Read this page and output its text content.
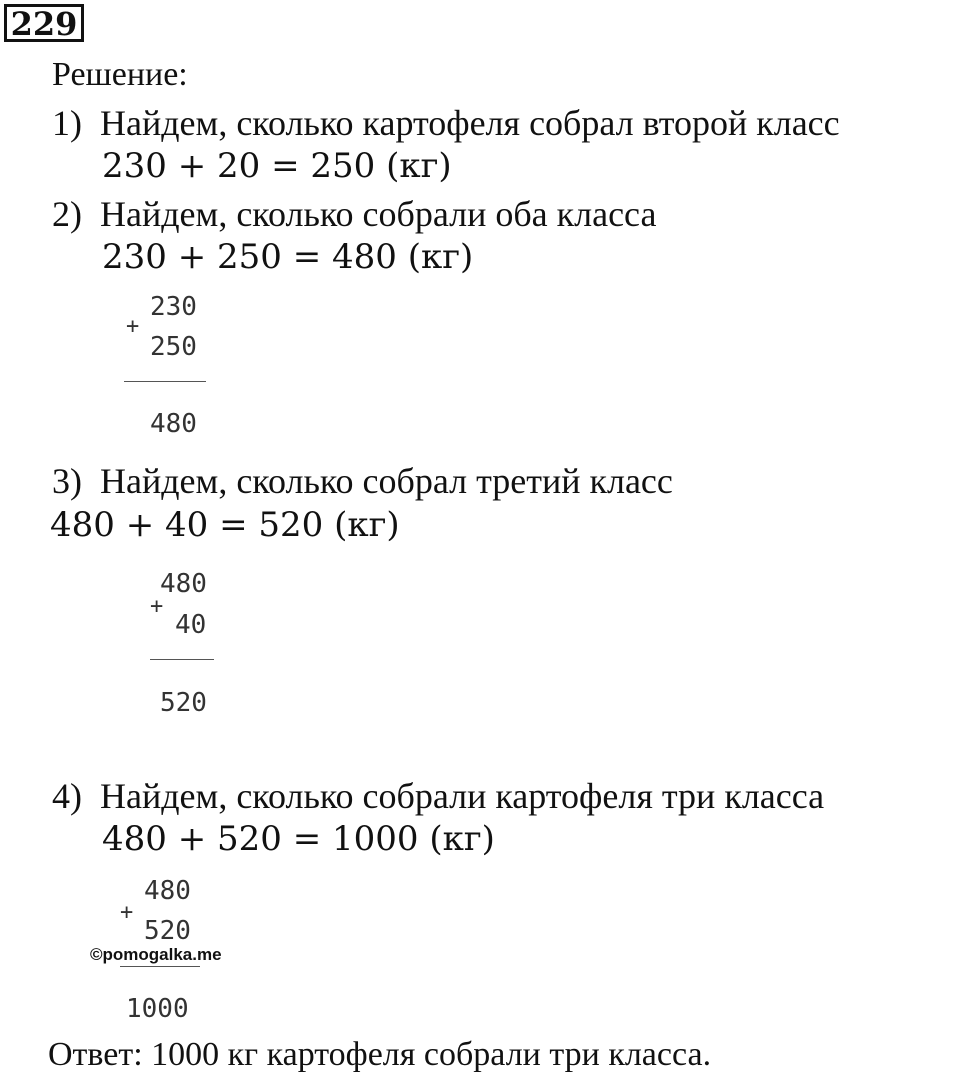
229
Решение:
1) Найдем, сколько картофеля собрал второй класс
230 + 20 = 250 (кг)
2) Найдем, сколько собрали оба класса
230 + 250 = 480 (кг)
230
+
250
480
3) Найдем, сколько собрал третий класс
480 + 40 = 520 (кг)
480
+
40
520
4) Найдем, сколько собрали картофеля три класса
480 + 520 = 1000 (кг)
480
+
520
1000
©pomogalka.me
Ответ: 1000 кг картофеля собрали три класса.
